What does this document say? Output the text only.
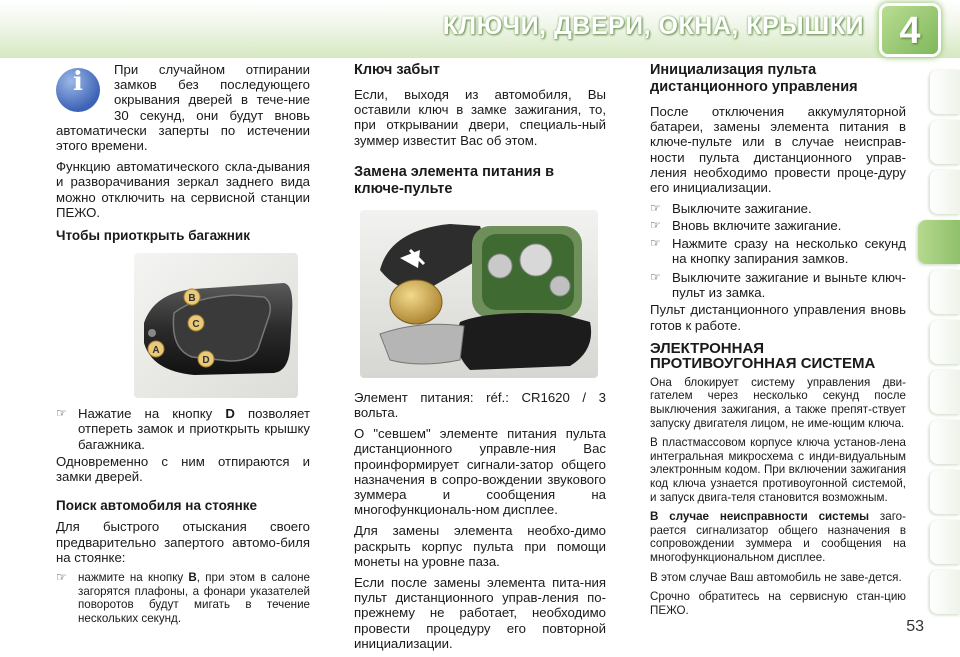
КЛЮЧИ, ДВЕРИ, ОКНА, КРЫШКИ 4
i	При случайном отпирании замков без последующего окрывания дверей в тече-ние 30 секунд, они будут вновь автоматически заперты по истечении этого времени.

Функцию автоматического скла-дывания и разворачивания зеркал заднего вида можно отключить на сервисной станции ПЕЖО.

Чтобы приоткрыть багажник
A
B
C
D
☞ Нажатие на кнопку D позволяет отпереть замок и приоткрыть крышку багажника.

Одновременно с ним отпираются и замки дверей.

Поиск автомобиля на стоянке

Для быстрого отыскания своего предварительно запертого автомо-биля на стоянке:

☞ нажмите на кнопку B, при этом в салоне загорятся плафоны, а фонари указателей поворотов будут мигать в течение нескольких секунд.
Ключ забыт

Если, выходя из автомобиля, Вы оставили ключ в замке зажигания, то, при открывании двери, специаль-ный зуммер известит Вас об этом.

Замена элемента питания в ключе-пульте

Элемент питания: réf.: CR1620 / 3 вольта.

О "севшем" элементе питания пульта дистанционного управле-ния Вас проинформирует сигнали-затор общего назначения в сопро-вождении звукового зуммера и сообщения на многофункциональ-ном дисплее.

Для замены элемента необхо-димо раскрыть корпус пульта при помощи монеты на уровне паза.

Если после замены элемента пита-ния пульт дистанционного управ-ления по-прежнему не работает, необходимо провести процедуру его повторной инициализации.

Инициализация пульта дистанционного управления

После отключения аккумуляторной батареи, замены элемента питания в ключе-пульте или в случае неисправ-ности пульта дистанционного управ-ления необходимо провести проце-дуру его инициализации.

☞ Выключите зажигание.
☞ Вновь включите зажигание.
☞ Нажмите сразу на несколько секунд на кнопку запирания замков.
☞ Выключите зажигание и выньте ключ-пульт из замка.

Пульт дистанционного управления вновь готов к работе.

ЭЛЕКТРОННАЯ ПРОТИВОУГОННАЯ СИСТЕМА

Она блокирует систему управления дви-гателем через несколько секунд после выключения зажигания, а также препят-ствует запуску двигателя лицом, не име-ющим ключа.

В пластмассовом корпусе ключа установ-лена интегральная микросхема с инди-видуальным электронным кодом. При включении зажигания код ключа узнается противоугонной системой, и запуск двига-теля становится возможным.

В случае неисправности системы заго-рается сигнализатор общего назначения в сопровождении зуммера и сообщения на многофункциональном дисплее.

В этом случае Ваш автомобиль не заве-дется.

Срочно обратитесь на сервисную стан-цию ПЕЖО.

53
